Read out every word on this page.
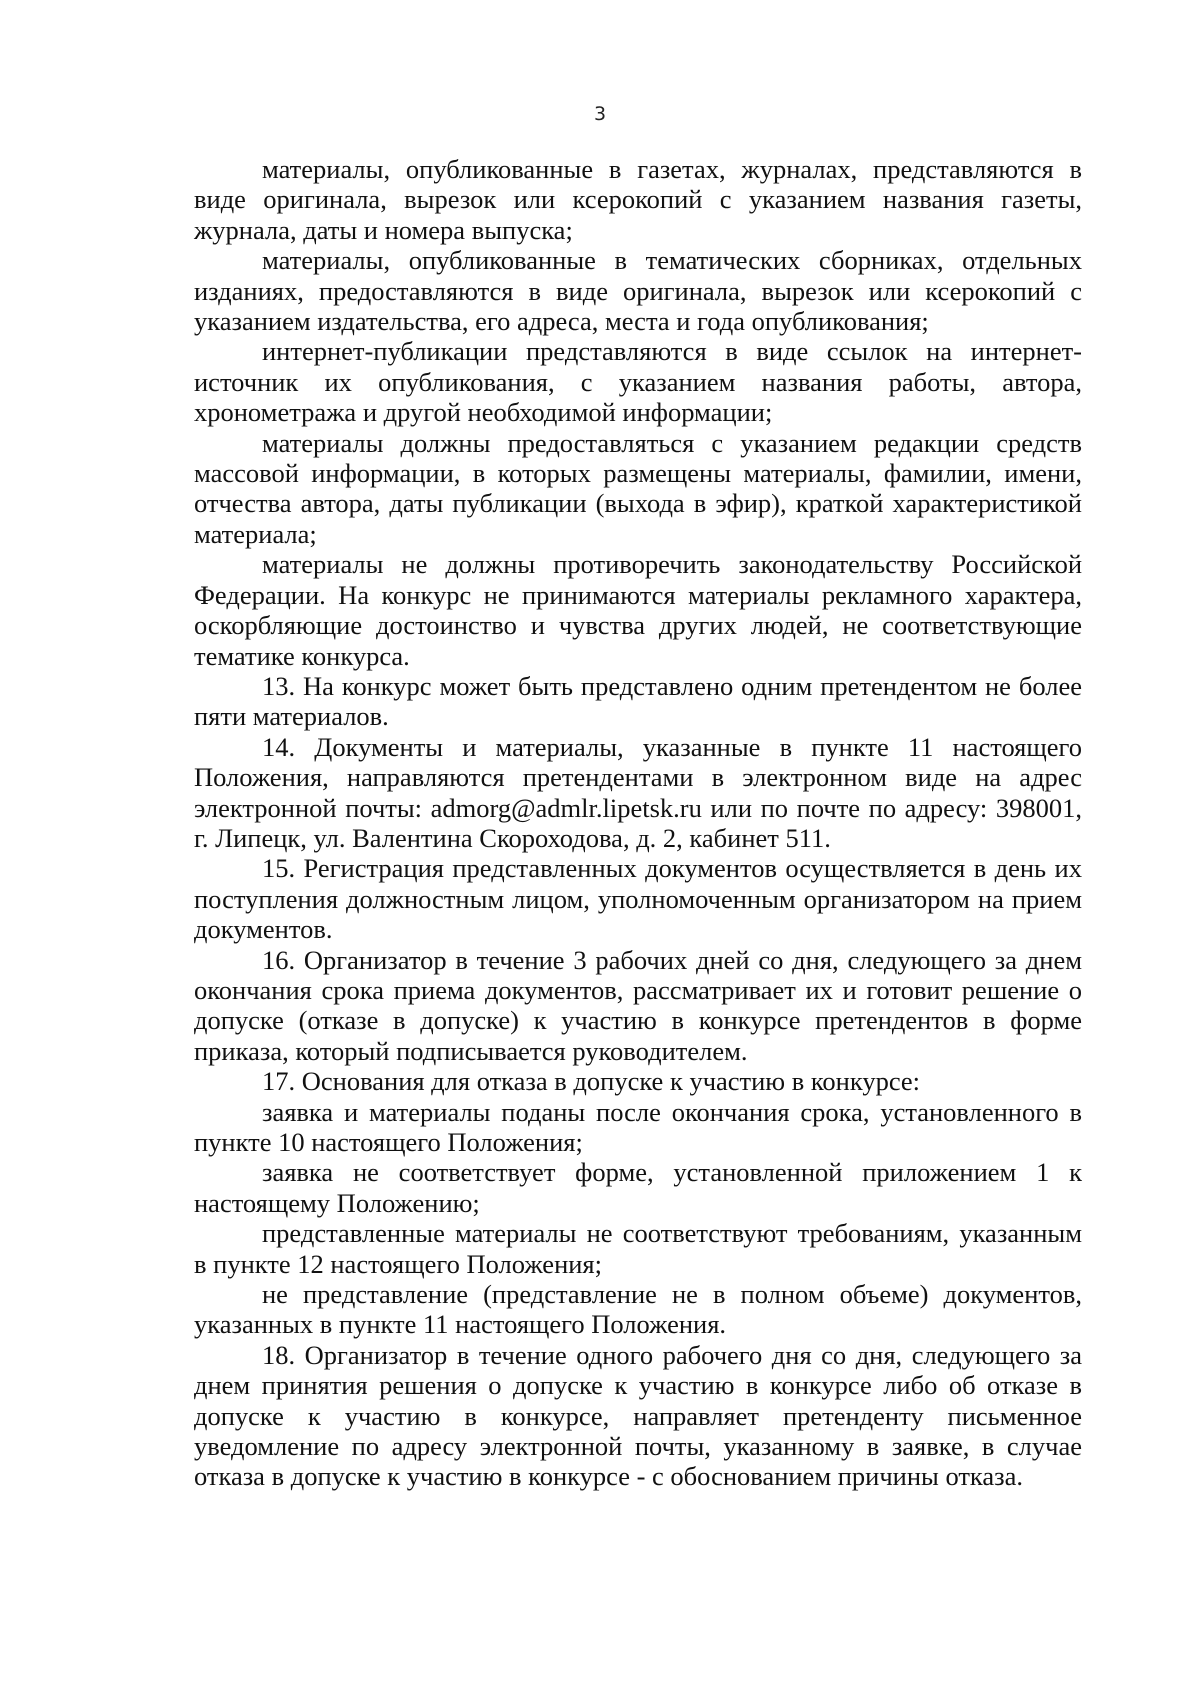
3

материалы, опубликованные в газетах, журналах, представляются в виде оригинала, вырезок или ксерокопий с указанием названия газеты, журнала, даты и номера выпуска;

материалы, опубликованные в тематических сборниках, отдельных изданиях, предоставляются в виде оригинала, вырезок или ксерокопий с указанием издательства, его адреса, места и года опубликования;

интернет-публикации представляются в виде ссылок на интернет-источник их опубликования, с указанием названия работы, автора, хронометража и другой необходимой информации;

материалы должны предоставляться с указанием редакции средств массовой информации, в которых размещены материалы, фамилии, имени, отчества автора, даты публикации (выхода в эфир), краткой характеристикой материала;

материалы не должны противоречить законодательству Российской Федерации. На конкурс не принимаются материалы рекламного характера, оскорбляющие достоинство и чувства других людей, не соответствующие тематике конкурса.

13. На конкурс может быть представлено одним претендентом не более пяти материалов.

14. Документы и материалы, указанные в пункте 11 настоящего Положения, направляются претендентами в электронном виде на адрес электронной почты: admorg@admlr.lipetsk.ru или по почте по адресу: 398001, г. Липецк, ул. Валентина Скороходова, д. 2, кабинет 511.

15. Регистрация представленных документов осуществляется в день их поступления должностным лицом, уполномоченным организатором на прием документов.

16. Организатор в течение 3 рабочих дней со дня, следующего за днем окончания срока приема документов, рассматривает их и готовит решение о допуске (отказе в допуске) к участию в конкурсе претендентов в форме приказа, который подписывается руководителем.

17. Основания для отказа в допуске к участию в конкурсе:

заявка и материалы поданы после окончания срока, установленного в пункте 10 настоящего Положения;

заявка не соответствует форме, установленной приложением 1 к настоящему Положению;

представленные материалы не соответствуют требованиям, указанным в пункте 12 настоящего Положения;

не представление (представление не в полном объеме) документов, указанных в пункте 11 настоящего Положения.

18. Организатор в течение одного рабочего дня со дня, следующего за днем принятия решения о допуске к участию в конкурсе либо об отказе в допуске к участию в конкурсе, направляет претенденту письменное уведомление по адресу электронной почты, указанному в заявке, в случае отказа в допуске к участию в конкурсе - с обоснованием причины отказа.
